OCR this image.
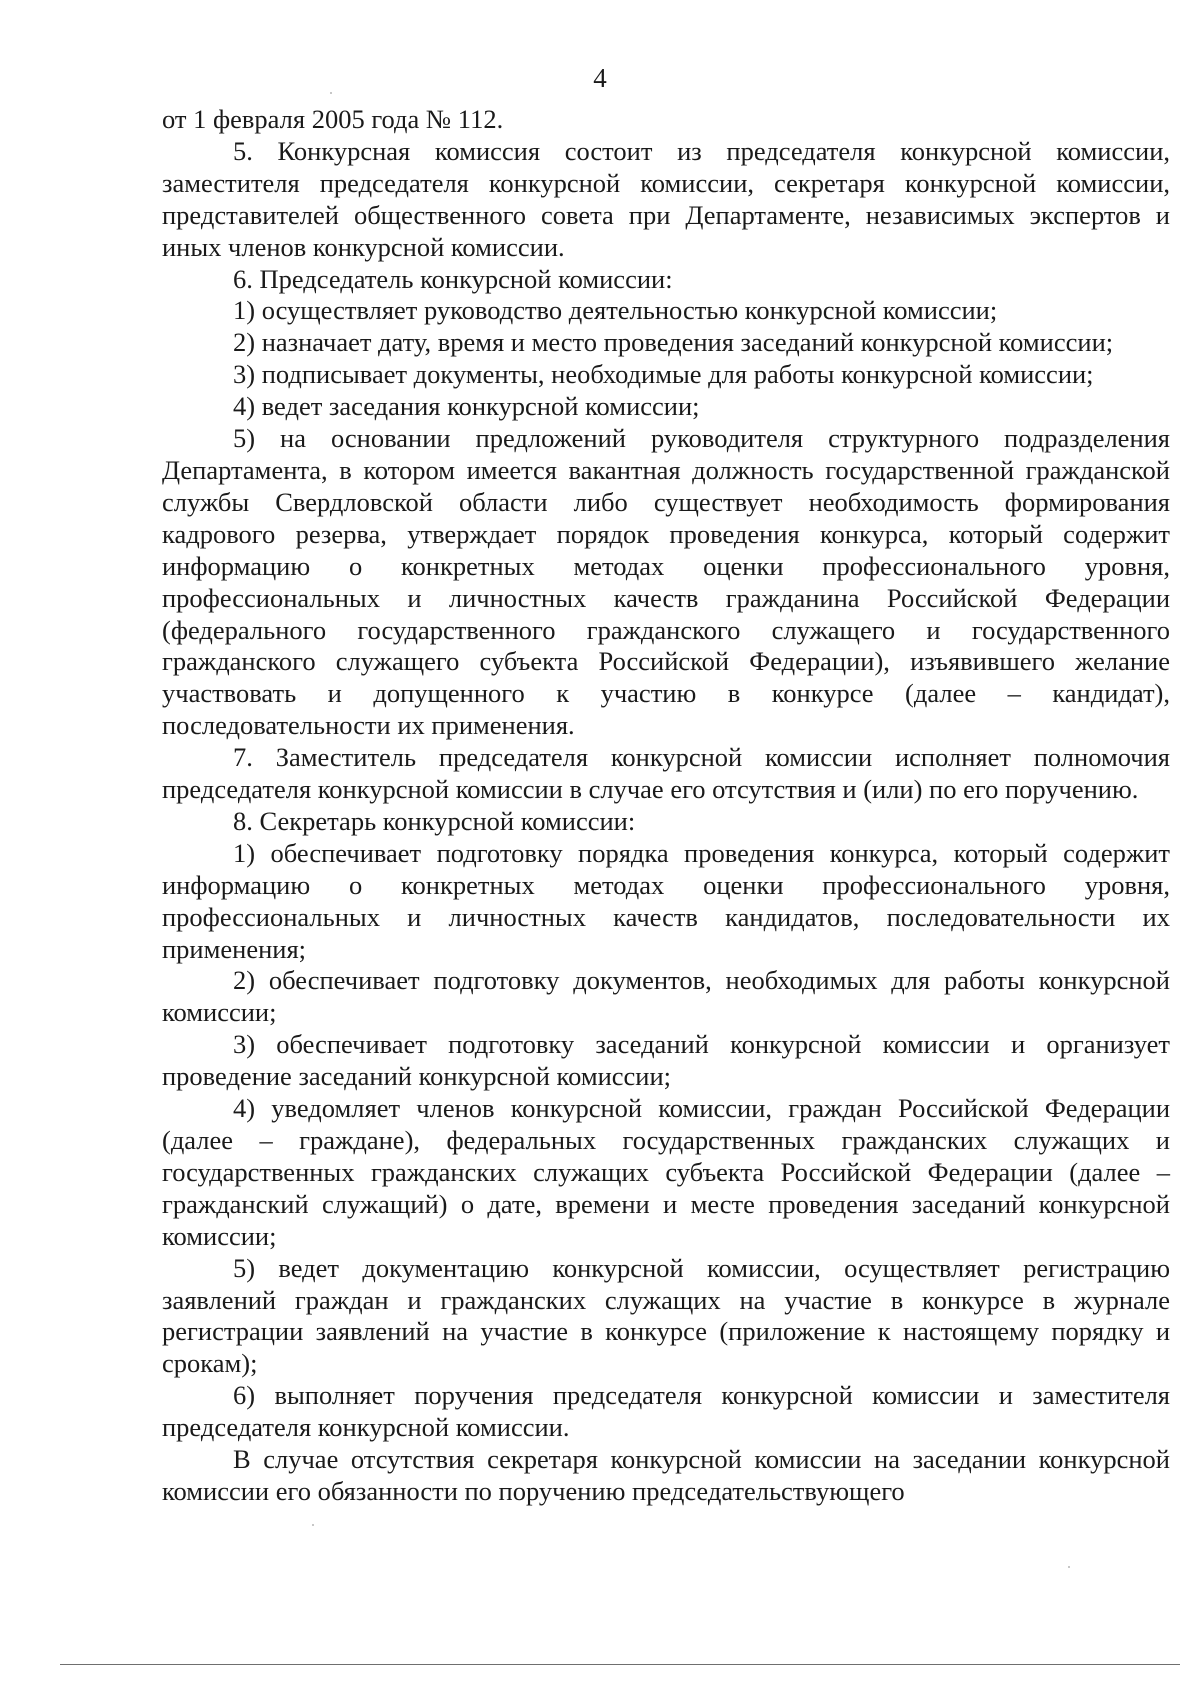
4

от 1 февраля 2005 года № 112.

5. Конкурсная комиссия состоит из председателя конкурсной комиссии, заместителя председателя конкурсной комиссии, секретаря конкурсной комиссии, представителей общественного совета при Департаменте, независимых экспертов и иных членов конкурсной комиссии.

6. Председатель конкурсной комиссии:

1) осуществляет руководство деятельностью конкурсной комиссии;

2) назначает дату, время и место проведения заседаний конкурсной комиссии;

3) подписывает документы, необходимые для работы конкурсной комиссии;

4) ведет заседания конкурсной комиссии;

5) на основании предложений руководителя структурного подразделения Департамента, в котором имеется вакантная должность государственной гражданской службы Свердловской области либо существует необходимость формирования кадрового резерва, утверждает порядок проведения конкурса, который содержит информацию о конкретных методах оценки профессионального уровня, профессиональных и личностных качеств гражданина Российской Федерации (федерального государственного гражданского служащего и государственного гражданского служащего субъекта Российской Федерации), изъявившего желание участвовать и допущенного к участию в конкурсе (далее – кандидат), последовательности их применения.

7. Заместитель председателя конкурсной комиссии исполняет полномочия председателя конкурсной комиссии в случае его отсутствия и (или) по его поручению.

8. Секретарь конкурсной комиссии:

1) обеспечивает подготовку порядка проведения конкурса, который содержит информацию о конкретных методах оценки профессионального уровня, профессиональных и личностных качеств кандидатов, последовательности их применения;

2) обеспечивает подготовку документов, необходимых для работы конкурсной комиссии;

3) обеспечивает подготовку заседаний конкурсной комиссии и организует проведение заседаний конкурсной комиссии;

4) уведомляет членов конкурсной комиссии, граждан Российской Федерации (далее – граждане), федеральных государственных гражданских служащих и государственных гражданских служащих субъекта Российской Федерации (далее – гражданский служащий) о дате, времени и месте проведения заседаний конкурсной комиссии;

5) ведет документацию конкурсной комиссии, осуществляет регистрацию заявлений граждан и гражданских служащих на участие в конкурсе в журнале регистрации заявлений на участие в конкурсе (приложение к настоящему порядку и срокам);

6) выполняет поручения председателя конкурсной комиссии и заместителя председателя конкурсной комиссии.

В случае отсутствия секретаря конкурсной комиссии на заседании конкурсной комиссии его обязанности по поручению председательствующего
